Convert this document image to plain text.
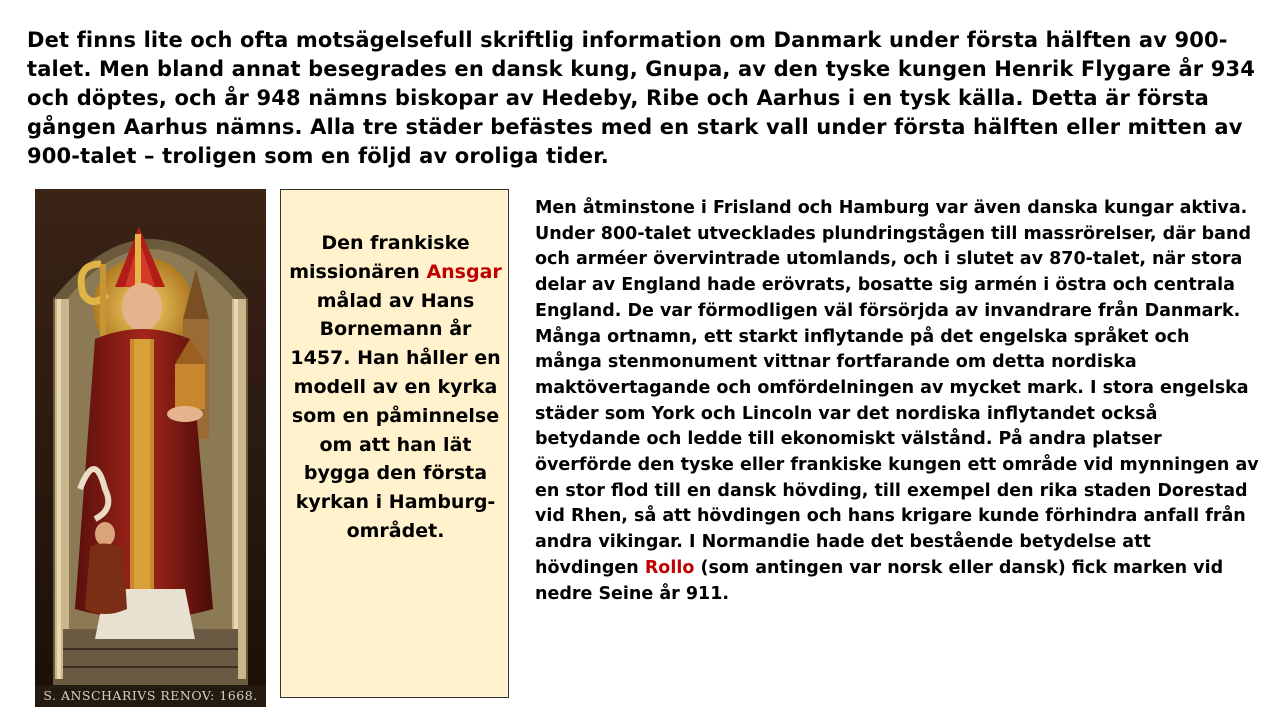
Det finns lite och ofta motsägelsefull skriftlig information om Danmark under första hälften av 900-talet. Men bland annat besegrades en dansk kung, Gnupa, av den tyske kungen Henrik Flygare år 934 och döptes, och år 948 nämns biskopar av Hedeby, Ribe och Aarhus i en tysk källa. Detta är första gången Aarhus nämns. Alla tre städer befästes med en stark vall under första hälften eller mitten av 900-talet – troligen som en följd av oroliga tider.

S. ANSCHARIVS RENOV: 1668.

Den frankiske missionären Ansgar målad av Hans Bornemann år 1457. Han håller en modell av en kyrka som en påminnelse om att han lät bygga den första kyrkan i Hamburg-området.

Men åtminstone i Frisland och Hamburg var även danska kungar aktiva. Under 800-talet utvecklades plundringstågen till massrörelser, där band och arméer övervintrade utomlands, och i slutet av 870-talet, när stora delar av England hade erövrats, bosatte sig armén i östra och centrala England. De var förmodligen väl försörjda av invandrare från Danmark. Många ortnamn, ett starkt inflytande på det engelska språket och många stenmonument vittnar fortfarande om detta nordiska maktövertagande och omfördelningen av mycket mark. I stora engelska städer som York och Lincoln var det nordiska inflytandet också betydande och ledde till ekonomiskt välstånd. På andra platser överförde den tyske eller frankiske kungen ett område vid mynningen av en stor flod till en dansk hövding, till exempel den rika staden Dorestad vid Rhen, så att hövdingen och hans krigare kunde förhindra anfall från andra vikingar. I Normandie hade det bestående betydelse att hövdingen Rollo (som antingen var norsk eller dansk) fick marken vid nedre Seine år 911.
